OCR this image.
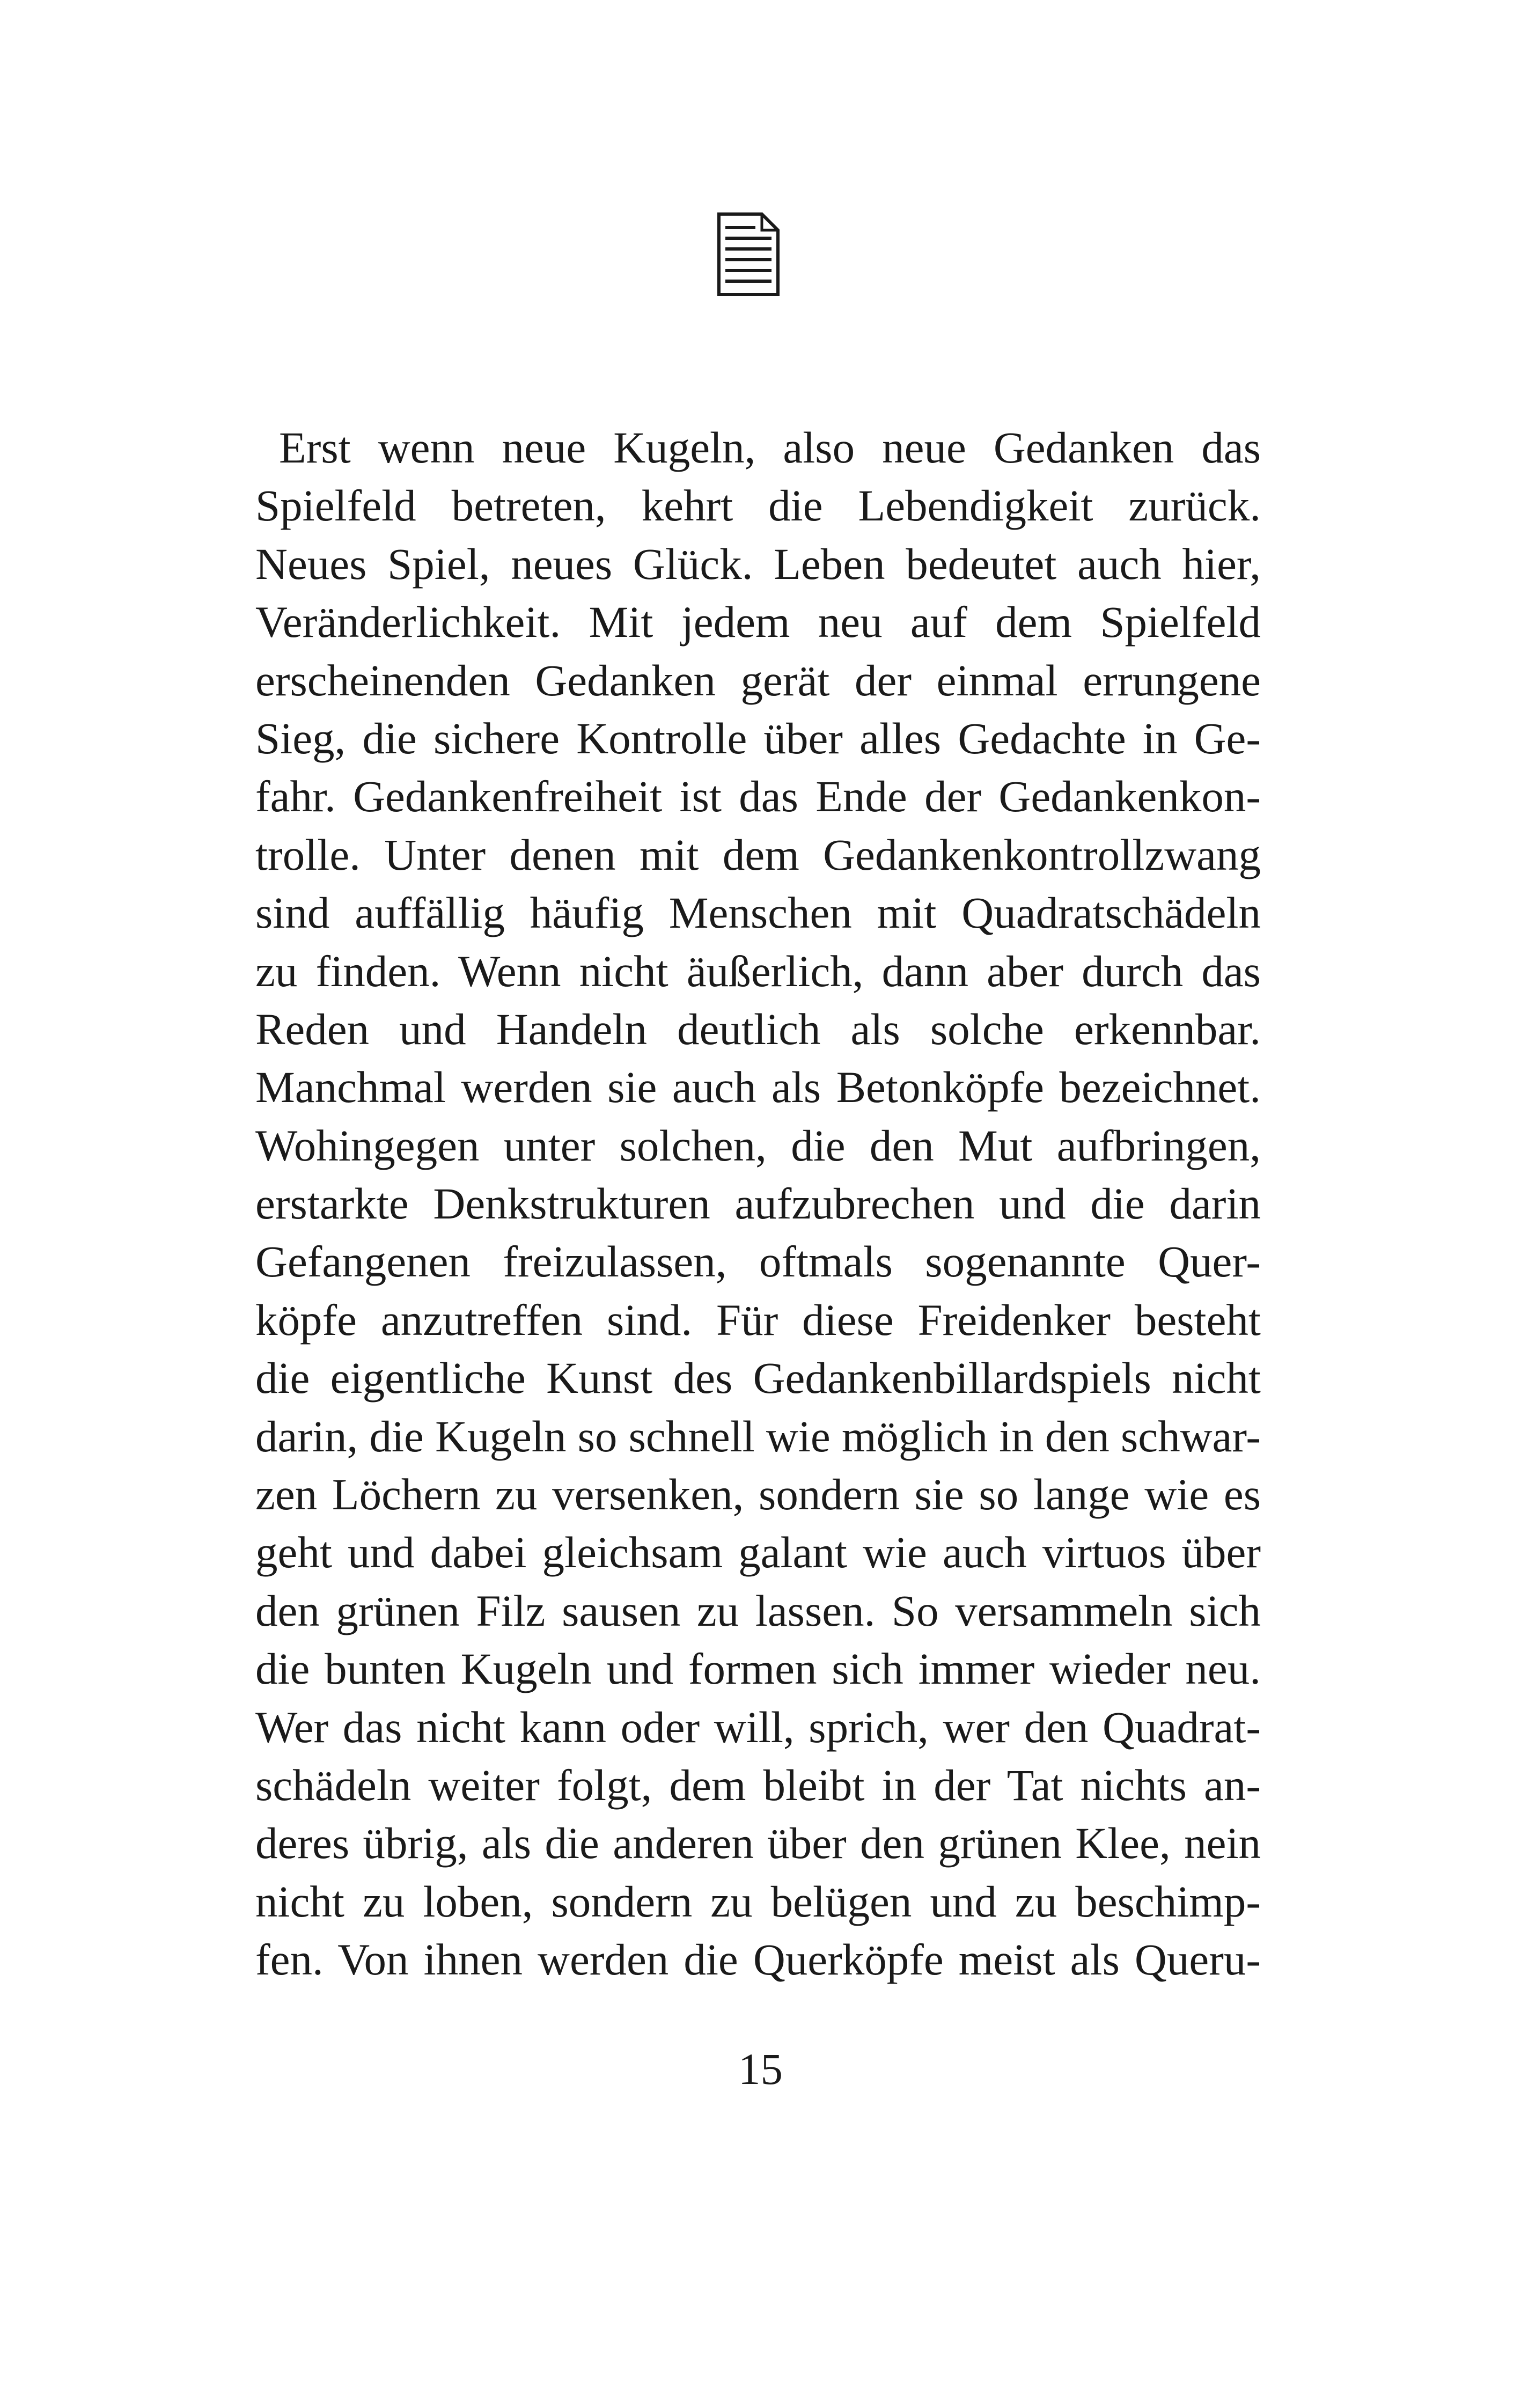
Erst wenn neue Kugeln, also neue Gedanken das
Spielfeld betreten, kehrt die Lebendigkeit zurück.
Neues Spiel, neues Glück. Leben bedeutet auch hier,
Veränderlichkeit. Mit jedem neu auf dem Spielfeld
erscheinenden Gedanken gerät der einmal errungene
Sieg, die sichere Kontrolle über alles Gedachte in Ge-
fahr. Gedankenfreiheit ist das Ende der Gedankenkon-
trolle. Unter denen mit dem Gedankenkontrollzwang
sind auffällig häufig Menschen mit Quadratschädeln
zu finden. Wenn nicht äußerlich, dann aber durch das
Reden und Handeln deutlich als solche erkennbar.
Manchmal werden sie auch als Betonköpfe bezeichnet.
Wohingegen unter solchen, die den Mut aufbringen,
erstarkte Denkstrukturen aufzubrechen und die darin
Gefangenen freizulassen, oftmals sogenannte Quer-
köpfe anzutreffen sind. Für diese Freidenker besteht
die eigentliche Kunst des Gedankenbillardspiels nicht
darin, die Kugeln so schnell wie möglich in den schwar-
zen Löchern zu versenken, sondern sie so lange wie es
geht und dabei gleichsam galant wie auch virtuos über
den grünen Filz sausen zu lassen. So versammeln sich
die bunten Kugeln und formen sich immer wieder neu.
Wer das nicht kann oder will, sprich, wer den Quadrat-
schädeln weiter folgt, dem bleibt in der Tat nichts an-
deres übrig, als die anderen über den grünen Klee, nein
nicht zu loben, sondern zu belügen und zu beschimp-
fen. Von ihnen werden die Querköpfe meist als Queru-
15
